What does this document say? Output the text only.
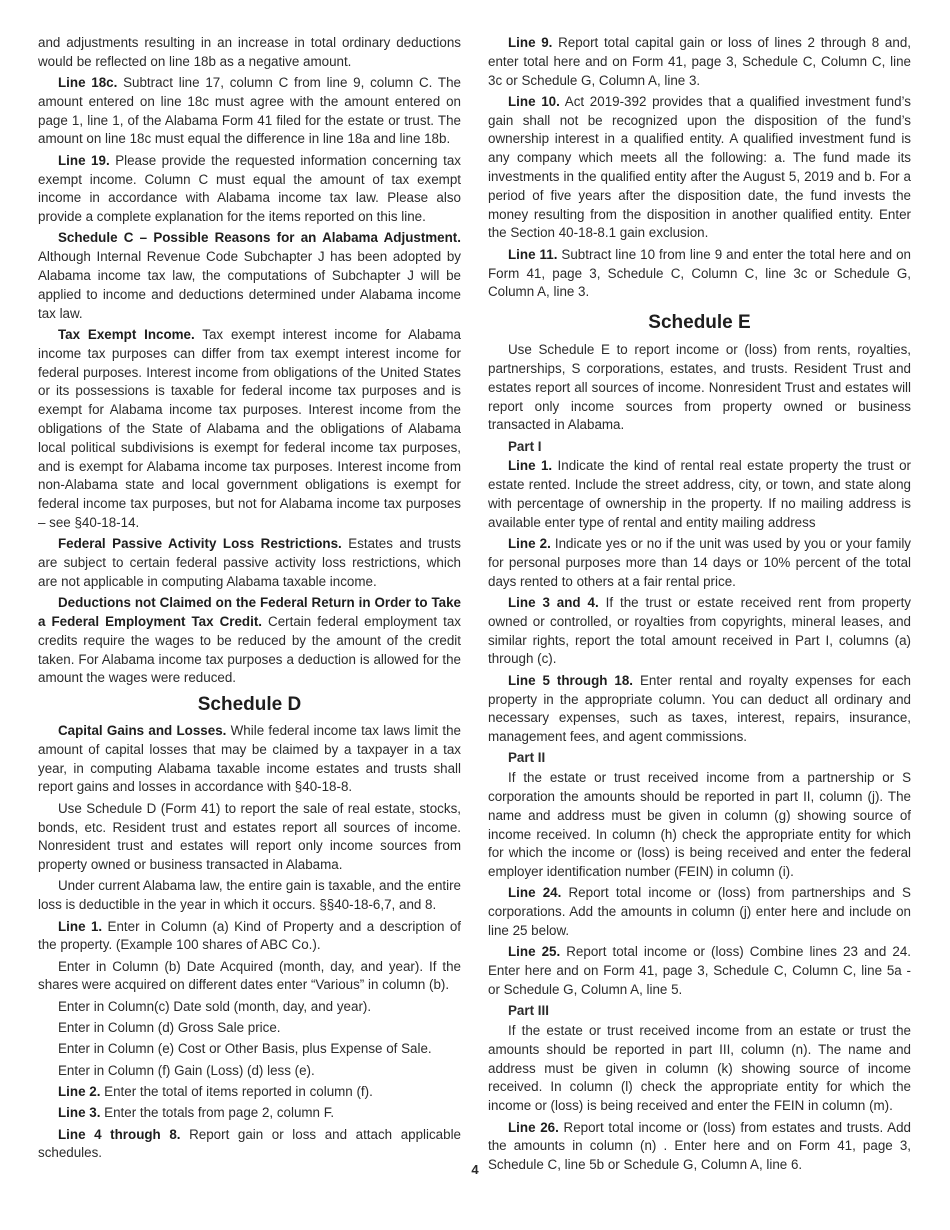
and adjustments resulting in an increase in total ordinary deductions would be reflected on line 18b as a negative amount.

Line 18c. Subtract line 17, column C from line 9, column C. The amount entered on line 18c must agree with the amount entered on page 1, line 1, of the Alabama Form 41 filed for the estate or trust. The amount on line 18c must equal the difference in line 18a and line 18b.

Line 19. Please provide the requested information concerning tax exempt income. Column C must equal the amount of tax exempt income in accordance with Alabama income tax law. Please also provide a complete explanation for the items reported on this line.

Schedule C – Possible Reasons for an Alabama Adjustment. Although Internal Revenue Code Subchapter J has been adopted by Alabama income tax law, the computations of Subchapter J will be applied to income and deductions determined under Alabama income tax law.

Tax Exempt Income. Tax exempt interest income for Alabama income tax purposes can differ from tax exempt interest income for federal purposes. Interest income from obligations of the United States or its possessions is taxable for federal income tax purposes and is exempt for Alabama income tax purposes. Interest income from the obligations of the State of Alabama and the obligations of Alabama local political subdivisions is exempt for federal income tax purposes, and is exempt for Alabama income tax purposes. Interest income from non-Alabama state and local government obligations is exempt for federal income tax purposes, but not for Alabama income tax purposes – see §40-18-14.

Federal Passive Activity Loss Restrictions. Estates and trusts are subject to certain federal passive activity loss restrictions, which are not applicable in computing Alabama taxable income.

Deductions not Claimed on the Federal Return in Order to Take a Federal Employment Tax Credit. Certain federal employment tax credits require the wages to be reduced by the amount of the credit taken. For Alabama income tax purposes a deduction is allowed for the amount the wages were reduced.

Schedule D

Capital Gains and Losses. While federal income tax laws limit the amount of capital losses that may be claimed by a taxpayer in a tax year, in computing Alabama taxable income estates and trusts shall report gains and losses in accordance with §40-18-8.

Use Schedule D (Form 41) to report the sale of real estate, stocks, bonds, etc. Resident trust and estates report all sources of income. Nonresident trust and estates will report only income sources from property owned or business transacted in Alabama.

Under current Alabama law, the entire gain is taxable, and the entire loss is deductible in the year in which it occurs. §§40-18-6,7, and 8.

Line 1. Enter in Column (a) Kind of Property and a description of the property. (Example 100 shares of ABC Co.).

Enter in Column (b) Date Acquired (month, day, and year). If the shares were acquired on different dates enter “Various” in column (b).

Enter in Column(c) Date sold (month, day, and year).

Enter in Column (d) Gross Sale price.

Enter in Column (e) Cost or Other Basis, plus Expense of Sale.

Enter in Column (f) Gain (Loss) (d) less (e).

Line 2. Enter the total of items reported in column (f).

Line 3. Enter the totals from page 2, column F.

Line 4 through 8. Report gain or loss and attach applicable schedules.

Line 9. Report total capital gain or loss of lines 2 through 8 and, enter total here and on Form 41, page 3, Schedule C, Column C, line 3c or Schedule G, Column A, line 3.

Line 10. Act 2019-392 provides that a qualified investment fund’s gain shall not be recognized upon the disposition of the fund’s ownership interest in a qualified entity. A qualified investment fund is any company which meets all the following: a. The fund made its investments in the qualified entity after the August 5, 2019 and b. For a period of five years after the disposition date, the fund invests the money resulting from the disposition in another qualified entity. Enter the Section 40-18-8.1 gain exclusion.

Line 11. Subtract line 10 from line 9 and enter the total here and on Form 41, page 3, Schedule C, Column C, line 3c or Schedule G, Column A, line 3.

Schedule E

Use Schedule E to report income or (loss) from rents, royalties, partnerships, S corporations, estates, and trusts. Resident Trust and estates report all sources of income. Nonresident Trust and estates will report only income sources from property owned or business transacted in Alabama.

Part I

Line 1. Indicate the kind of rental real estate property the trust or estate rented. Include the street address, city, or town, and state along with percentage of ownership in the property. If no mailing address is available enter type of rental and entity mailing address

Line 2. Indicate yes or no if the unit was used by you or your family for personal purposes more than 14 days or 10% percent of the total days rented to others at a fair rental price.

Line 3 and 4. If the trust or estate received rent from property owned or controlled, or royalties from copyrights, mineral leases, and similar rights, report the total amount received in Part I, columns (a) through (c).

Line 5 through 18. Enter rental and royalty expenses for each property in the appropriate column. You can deduct all ordinary and necessary expenses, such as taxes, interest, repairs, insurance, management fees, and agent commissions.

Part II

If the estate or trust received income from a partnership or S corporation the amounts should be reported in part II, column (j). The name and address must be given in column (g) showing source of income received. In column (h) check the appropriate entity for which for which the income or (loss) is being received and enter the federal employer identification number (FEIN) in column (i).

Line 24. Report total income or (loss) from partnerships and S corporations. Add the amounts in column (j) enter here and include on line 25 below.

Line 25. Report total income or (loss) Combine lines 23 and 24. Enter here and on Form 41, page 3, Schedule C, Column C, line 5a - or Schedule G, Column A, line 5.

Part III

If the estate or trust received income from an estate or trust the amounts should be reported in part III, column (n). The name and address must be given in column (k) showing source of income received. In column (l) check the appropriate entity for which the income or (loss) is being received and enter the FEIN in column (m).

Line 26. Report total income or (loss) from estates and trusts. Add the amounts in column (n) . Enter here and on Form 41, page 3, Schedule C, line 5b or Schedule G, Column A, line 6.

4
